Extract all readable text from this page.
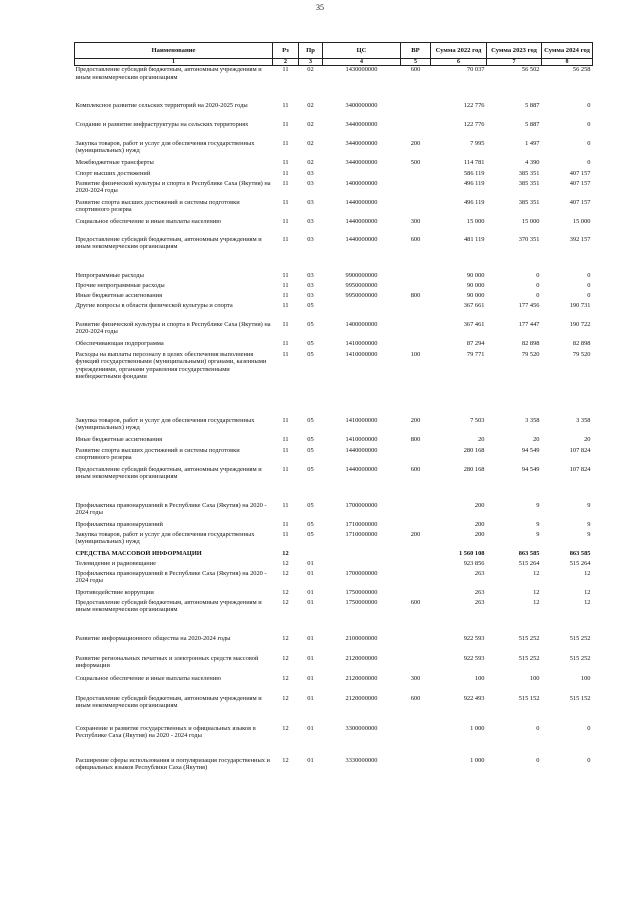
35
Наименование	Рз	Пр	ЦС	ВР	Сумма 2022 год	Сумма 2023 год	Сумма 2024 год
1	2	3	4	5	6	7	8
Предоставление субсидий бюджетным, автономным учреждениям и иным некоммерческим организациям	11	02	1430000000	600	70 037	56 502	56 258
Комплексное развитие сельских территорий на 2020-2025 годы	11	02	3400000000		122 776	5 887	0
Создание и развитие инфраструктуры на сельских территориях	11	02	3440000000		122 776	5 887	0
Закупка товаров, работ и услуг для обеспечения государственных (муниципальных) нужд	11	02	3440000000	200	7 995	1 497	0
Межбюджетные трансферты	11	02	3440000000	500	114 781	4 390	0
Спорт высших достижений	11	03			586 119	385 351	407 157
Развитие физической культуры и спорта в Республике Саха (Якутия) на 2020-2024 годы	11	03	1400000000		496 119	385 351	407 157
Развитие спорта высших достижений и системы подготовки спортивного резерва	11	03	1440000000		496 119	385 351	407 157
Социальное обеспечение и иные выплаты населению	11	03	1440000000	300	15 000	15 000	15 000
Предоставление субсидий бюджетным, автономным учреждениям и иным некоммерческим организациям	11	03	1440000000	600	481 119	370 351	392 157
Непрограммные расходы	11	03	9900000000		90 000	0	0
Прочие непрограммные расходы	11	03	9950000000		90 000	0	0
Иные бюджетные ассигнования	11	03	9950000000	800	90 000	0	0
Другие вопросы в области физической культуры и спорта	11	05			367 661	177 456	190 731
Развитие физической культуры и спорта в Республике Саха (Якутия) на 2020-2024 годы	11	05	1400000000		367 461	177 447	190 722
Обеспечивающая подпрограмма	11	05	1410000000		87 294	82 898	82 898
Расходы на выплаты персоналу в целях обеспечения выполнения функций государственными (муниципальными) органами, казенными учреждениями, органами управления государственными внебюджетными фондами	11	05	1410000000	100	79 771	79 520	79 520
Закупка товаров, работ и услуг для обеспечения государственных (муниципальных) нужд	11	05	1410000000	200	7 503	3 358	3 358
Иные бюджетные ассигнования	11	05	1410000000	800	20	20	20
Развитие спорта высших достижений и системы подготовки спортивного резерва	11	05	1440000000		280 168	94 549	107 824
Предоставление субсидий бюджетным, автономным учреждениям и иным некоммерческим организациям	11	05	1440000000	600	280 168	94 549	107 824
Профилактика правонарушений в Республике Саха (Якутия) на 2020 - 2024 годы	11	05	1700000000		200	9	9
Профилактика правонарушений	11	05	1710000000		200	9	9
Закупка товаров, работ и услуг для обеспечения государственных (муниципальных) нужд	11	05	1710000000	200	200	9	9
СРЕДСТВА МАССОВОЙ ИНФОРМАЦИИ	12				1 560 108	863 585	863 585
Телевидение и радиовещание	12	01			923 856	515 264	515 264
Профилактика правонарушений в Республике Саха (Якутия) на 2020 - 2024 годы	12	01	1700000000		263	12	12
Противодействие коррупции	12	01	1750000000		263	12	12
Предоставление субсидий бюджетным, автономным учреждениям и иным некоммерческим организациям	12	01	1750000000	600	263	12	12
Развитие информационного общества на 2020-2024 годы	12	01	2100000000		922 593	515 252	515 252
Развитие региональных печатных и электронных средств массовой информации	12	01	2120000000		922 593	515 252	515 252
Социальное обеспечение и иные выплаты населению	12	01	2120000000	300	100	100	100
Предоставление субсидий бюджетным, автономным учреждениям и иным некоммерческим организациям	12	01	2120000000	600	922 493	515 152	515 152
Сохранение и развитие государственных и официальных языков в Республике Саха (Якутия) на 2020 - 2024 годы	12	01	3300000000		1 000	0	0
Расширение сферы использования и популяризация государственных и официальных языков Республики Саха (Якутия)	12	01	3330000000		1 000	0	0
